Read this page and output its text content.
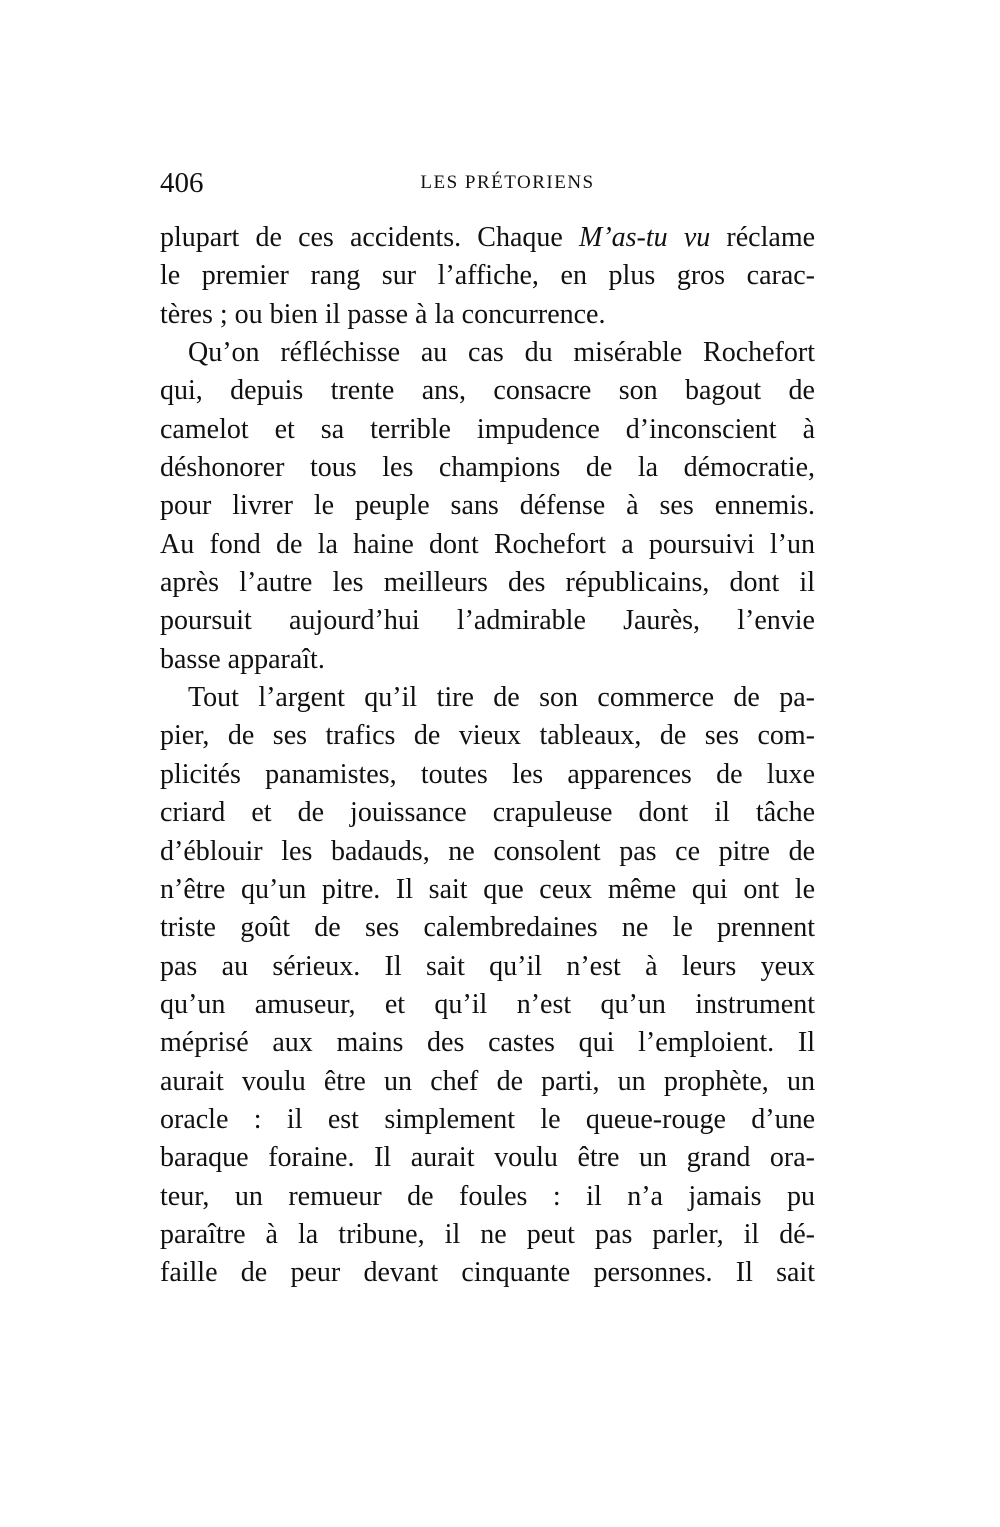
406	LES PRÉTORIENS
plupart de ces accidents. Chaque M’as-tu vu réclame
le premier rang sur l’affiche, en plus gros carac-
tères ; ou bien il passe à la concurrence.
Qu’on réfléchisse au cas du misérable Rochefort
qui, depuis trente ans, consacre son bagout de
camelot et sa terrible impudence d’inconscient à
déshonorer tous les champions de la démocratie,
pour livrer le peuple sans défense à ses ennemis.
Au fond de la haine dont Rochefort a poursuivi l’un
après l’autre les meilleurs des républicains, dont il
poursuit aujourd’hui l’admirable Jaurès, l’envie
basse apparaît.
Tout l’argent qu’il tire de son commerce de pa-
pier, de ses trafics de vieux tableaux, de ses com-
plicités panamistes, toutes les apparences de luxe
criard et de jouissance crapuleuse dont il tâche
d’éblouir les badauds, ne consolent pas ce pitre de
n’être qu’un pitre. Il sait que ceux même qui ont le
triste goût de ses calembredaines ne le prennent
pas au sérieux. Il sait qu’il n’est à leurs yeux
qu’un amuseur, et qu’il n’est qu’un instrument
méprisé aux mains des castes qui l’emploient. Il
aurait voulu être un chef de parti, un prophète, un
oracle : il est simplement le queue-rouge d’une
baraque foraine. Il aurait voulu être un grand ora-
teur, un remueur de foules : il n’a jamais pu
paraître à la tribune, il ne peut pas parler, il dé-
faille de peur devant cinquante personnes. Il sait
